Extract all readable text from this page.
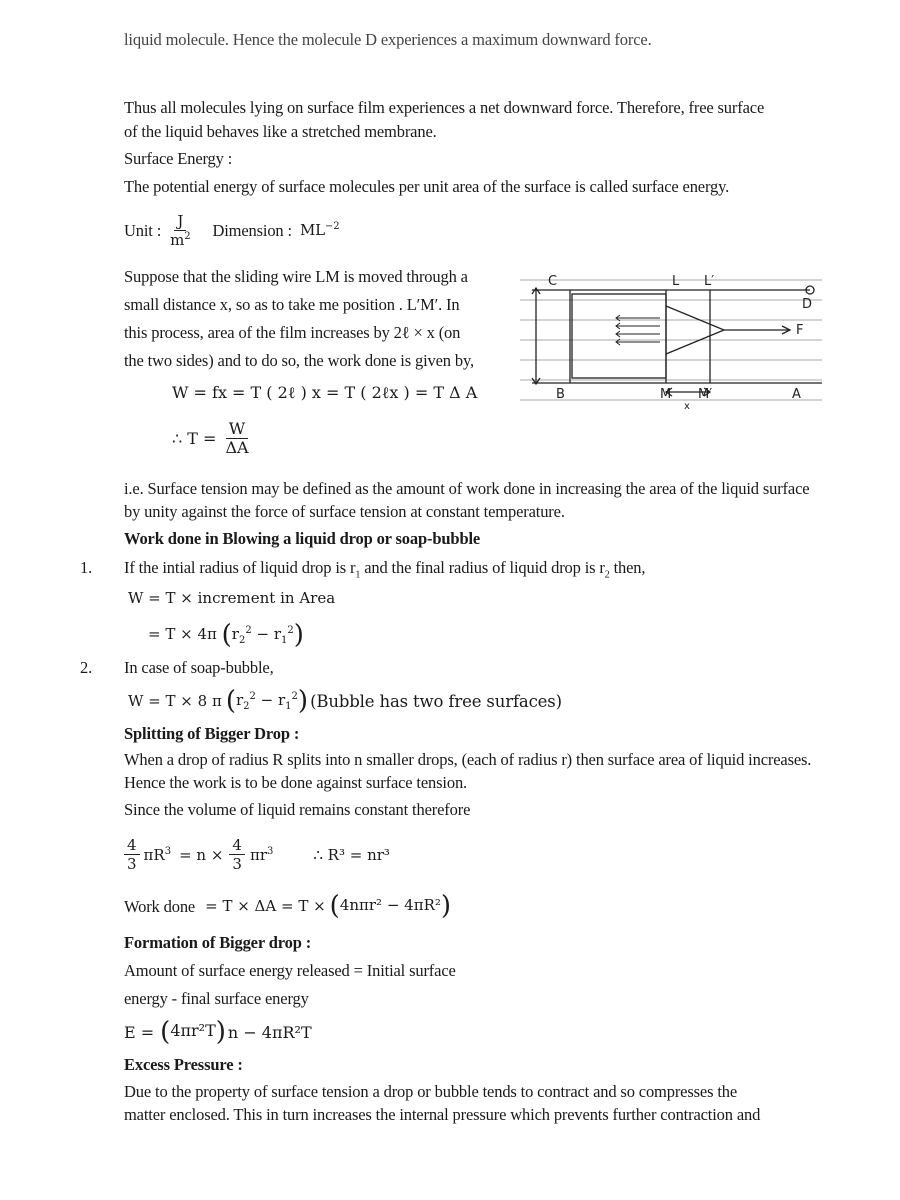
liquid molecule. Hence the molecule D experiences a maximum downward force.
Thus all molecules lying on surface film experiences a net downward force. Therefore, free surface
of the liquid behaves like a stretched membrane.
Surface Energy :
The potential energy of surface molecules per unit area of the surface is called surface energy.
Unit : $\frac{J}{m^2}$ Dimension : $ML^{-2}$
Suppose that the sliding wire LM is moved through a
small distance x, so as to take me position . L′M′. In
this process, area of the film increases by 2ℓ × x (on
the two sides) and to do so, the work done is given by,
W = fx = T ( 2ℓ ) x = T ( 2ℓx ) = T Δ A
∴ $T = \frac{W}{\Delta A}$
C	L L′
D
F
B	M M′	A
x
i.e. Surface tension may be defined as the amount of work done in increasing the area of the liquid surface by unity against the force of surface tension at constant temperature.
Work done in Blowing a liquid drop or soap-bubble
1. If the intial radius of liquid drop is $r_1$ and the final radius of liquid drop is $r_2$ then,
W = T × increment in Area
= T × 4π $(r_2^2 - r_1^2)$
2. In case of soap-bubble,
W = T × 8 π $(r_2^2 - r_1^2)$ (Bubble has two free surfaces)
Splitting of Bigger Drop :
When a drop of radius R splits into n smaller drops, (each of radius r) then surface area of liquid increases. Hence the work is to be done against surface tension.
Since the volume of liquid remains constant therefore
$\frac{4}{3} \pi R^3 = n \times \frac{4}{3} \pi r^3$	∴ R³ = nr³
Work done = T × ΔA = T × (4nπr² − 4πR²)
Formation of Bigger drop :
Amount of surface energy released = Initial surface
energy - final surface energy
E = (4πr²T) n − 4πR²T
Excess Pressure :
Due to the property of surface tension a drop or bubble tends to contract and so compresses the
matter enclosed. This in turn increases the internal pressure which prevents further contraction and
